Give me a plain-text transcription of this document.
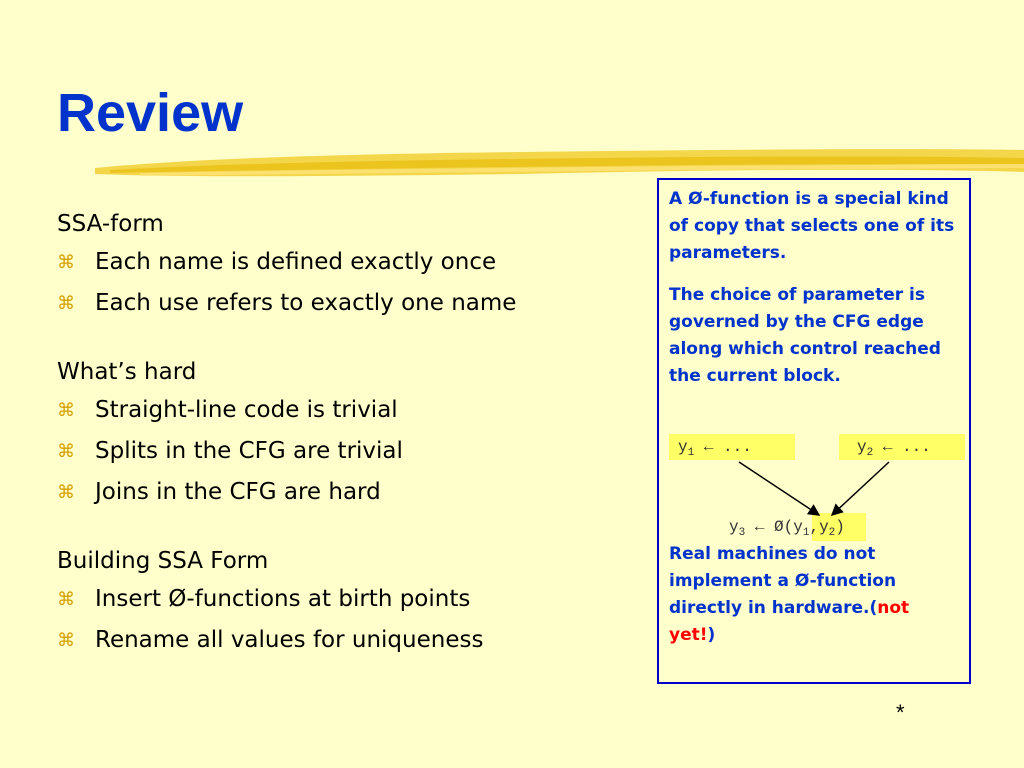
Review
SSA-form
⌘ Each name is defined exactly once
⌘ Each use refers to exactly one name
What’s hard
⌘ Straight-line code is trivial
⌘ Splits in the CFG are trivial
⌘ Joins in the CFG are hard
Building SSA Form
⌘ Insert Ø-functions at birth points
⌘ Rename all values for uniqueness
A Ø-function is a special kind of copy that selects one of its parameters.
The choice of parameter is governed by the CFG edge along which control reached the current block.
$y_1$ ← ...	$y_2$ ← ...
$y_3$ ← $Ø(y_1,y_2)$
Real machines do not implement a Ø-function directly in hardware.(not yet!)
*
